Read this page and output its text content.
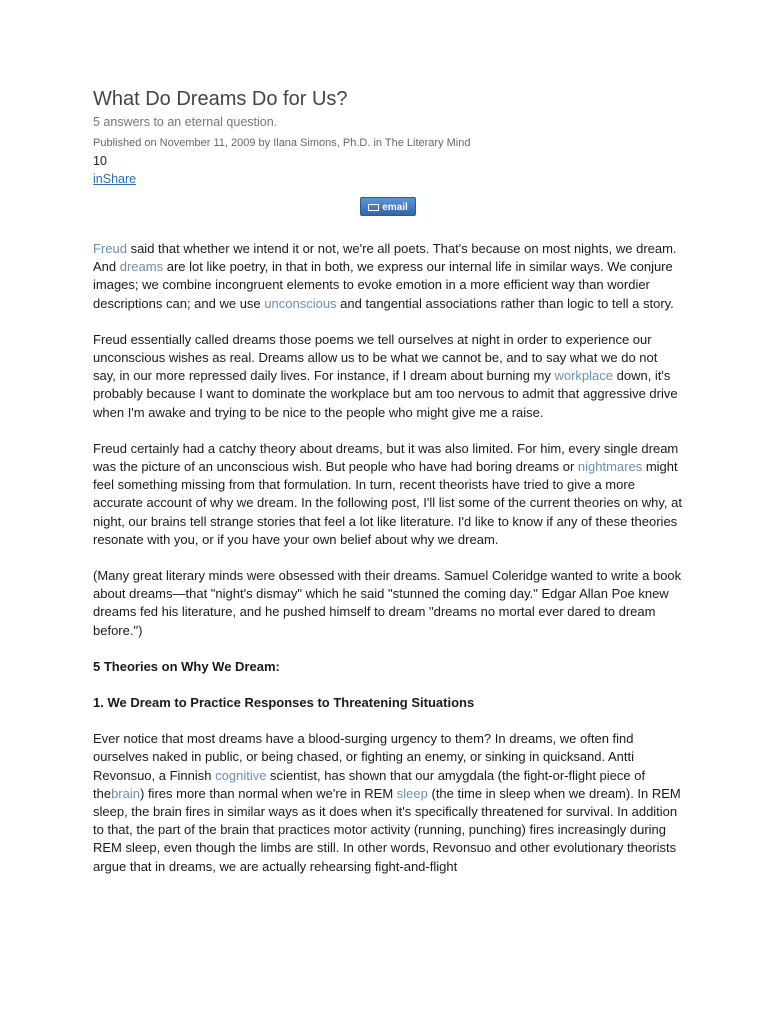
What Do Dreams Do for Us?
5 answers to an eternal question.
Published on November 11, 2009 by Ilana Simons, Ph.D. in The Literary Mind
10
inShare
email

Freud said that whether we intend it or not, we're all poets. That's because on most nights, we dream. And dreams are lot like poetry, in that in both, we express our internal life in similar ways. We conjure images; we combine incongruent elements to evoke emotion in a more efficient way than wordier descriptions can; and we use unconscious and tangential associations rather than logic to tell a story.

Freud essentially called dreams those poems we tell ourselves at night in order to experience our unconscious wishes as real. Dreams allow us to be what we cannot be, and to say what we do not say, in our more repressed daily lives. For instance, if I dream about burning my workplace down, it's probably because I want to dominate the workplace but am too nervous to admit that aggressive drive when I'm awake and trying to be nice to the people who might give me a raise.

Freud certainly had a catchy theory about dreams, but it was also limited. For him, every single dream was the picture of an unconscious wish. But people who have had boring dreams or nightmares might feel something missing from that formulation. In turn, recent theorists have tried to give a more accurate account of why we dream. In the following post, I'll list some of the current theories on why, at night, our brains tell strange stories that feel a lot like literature. I'd like to know if any of these theories resonate with you, or if you have your own belief about why we dream.

(Many great literary minds were obsessed with their dreams. Samuel Coleridge wanted to write a book about dreams—that "night's dismay" which he said "stunned the coming day." Edgar Allan Poe knew dreams fed his literature, and he pushed himself to dream "dreams no mortal ever dared to dream before.")

5 Theories on Why We Dream:

1. We Dream to Practice Responses to Threatening Situations

Ever notice that most dreams have a blood-surging urgency to them? In dreams, we often find ourselves naked in public, or being chased, or fighting an enemy, or sinking in quicksand. Antti Revonsuo, a Finnish cognitive scientist, has shown that our amygdala (the fight-or-flight piece of thebrain) fires more than normal when we're in REM sleep (the time in sleep when we dream). In REM sleep, the brain fires in similar ways as it does when it's specifically threatened for survival. In addition to that, the part of the brain that practices motor activity (running, punching) fires increasingly during REM sleep, even though the limbs are still. In other words, Revonsuo and other evolutionary theorists argue that in dreams, we are actually rehearsing fight-and-flight
